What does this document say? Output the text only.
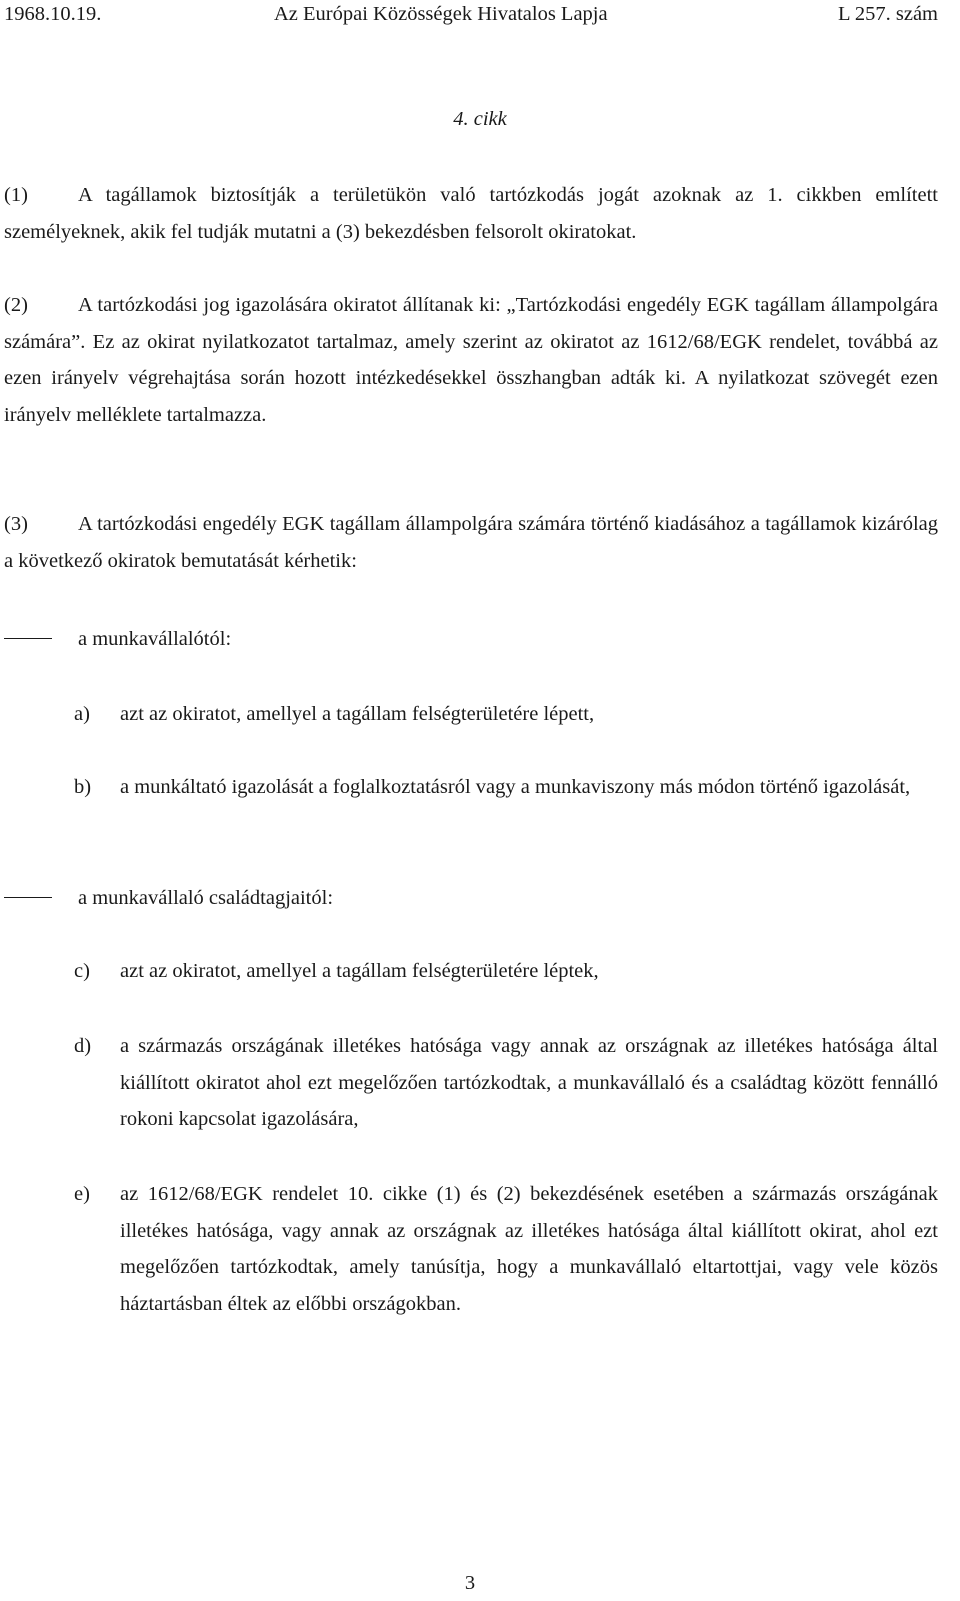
1968.10.19.	Az Európai Közösségek Hivatalos Lapja	L 257. szám
4. cikk

(1) A tagállamok biztosítják a területükön való tartózkodás jogát azoknak az 1. cikkben említett személyeknek, akik fel tudják mutatni a (3) bekezdésben felsorolt okiratokat.

(2) A tartózkodási jog igazolására okiratot állítanak ki: „Tartózkodási engedély EGK tagállam állampolgára számára”. Ez az okirat nyilatkozatot tartalmaz, amely szerint az okiratot az 1612/68/EGK rendelet, továbbá az ezen irányelv végrehajtása során hozott intézkedésekkel összhangban adták ki. A nyilatkozat szövegét ezen irányelv melléklete tartalmazza.

(3) A tartózkodási engedély EGK tagállam állampolgára számára történő kiadásához a tagállamok kizárólag a következő okiratok bemutatását kérhetik:

a munkavállalótól:
a) azt az okiratot, amellyel a tagállam felségterületére lépett,
b) a munkáltató igazolását a foglalkoztatásról vagy a munkaviszony más módon történő igazolását,
a munkavállaló családtagjaitól:
c) azt az okiratot, amellyel a tagállam felségterületére léptek,
d) a származás országának illetékes hatósága vagy annak az országnak az illetékes hatósága által kiállított okiratot ahol ezt megelőzően tartózkodtak, a munkavállaló és a családtag között fennálló rokoni kapcsolat igazolására,
e) az 1612/68/EGK rendelet 10. cikke (1) és (2) bekezdésének esetében a származás országának illetékes hatósága, vagy annak az országnak az illetékes hatósága által kiállított okirat, ahol ezt megelőzően tartózkodtak, amely tanúsítja, hogy a munkavállaló eltartottjai, vagy vele közös háztartásban éltek az előbbi országokban.
3
